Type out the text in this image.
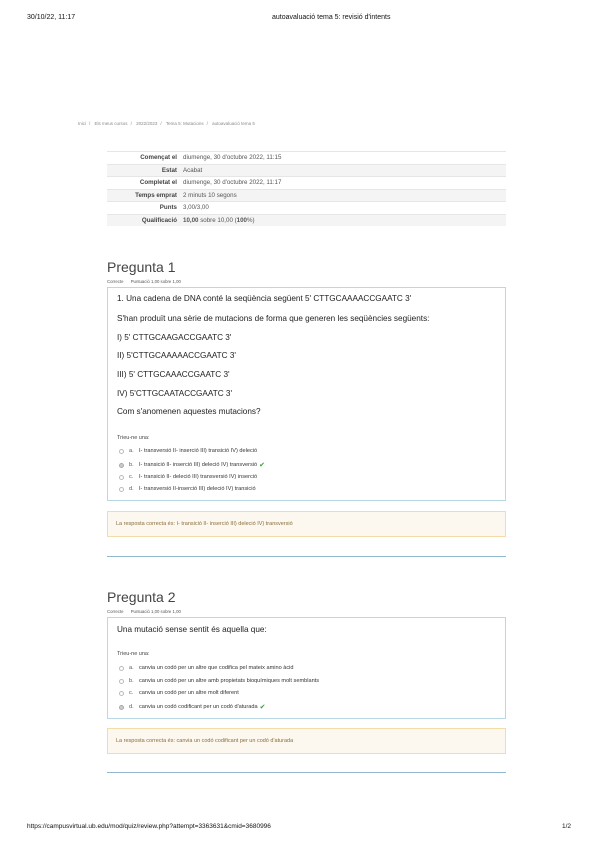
30/10/22, 11:17	autoavaluació tema 5: revisió d'intents
Inici / Els meus cursos / 2022/2023 / Tema 5: Mutacions / autoavaluació tema 5
Començat el	diumenge, 30 d'octubre 2022, 11:15
Estat	Acabat
Completat el	diumenge, 30 d'octubre 2022, 11:17
Temps emprat	2 minuts 10 segons
Punts	3,00/3,00
Qualificació	10,00 sobre 10,00 (100%)
Pregunta 1
Correcte Puntuació 1,00 sobre 1,00
1. Una cadena de DNA conté la seqüència següent 5' CTTGCAAAACCGAATC 3'
S'han produït una sèrie de mutacions de forma que generen les seqüències següents:
I) 5' CTTGCAAGACCGAATC 3'
II) 5'CTTGCAAAAACCGAATC 3'
III) 5' CTTGCAAACCGAATC 3'
IV) 5'CTTGCAATACCGAATC 3'
Com s'anomenen aquestes mutacions?
Trieu-ne una:
a. I- transversió II- inserció III) transició IV) deleció
b. I- transició II- inserció III) deleció IV) transversió ✔
c.	I- transició II- deleció III) transversió IV) inserció
d. I- transversió II-inserció III) deleció IV) transició
La resposta correcta és: I- transició II- inserció III) deleció IV) transversió
Pregunta 2
Correcte Puntuació 1,00 sobre 1,00
Una mutació sense sentit és aquella que:
Trieu-ne una:
a. canvia un codó per un altre que codifica pel mateix amino àcid
b. canvia un codó per un altre amb propietats bioquímiques molt semblants
c.	canvia un codó per un altre molt diferent
d. canvia un codó codificant per un codó d'aturada ✔
La resposta correcta és: canvia un codó codificant per un codó d'aturada
https://campusvirtual.ub.edu/mod/quiz/review.php?attempt=3363631&cmid=3680996	1/2
